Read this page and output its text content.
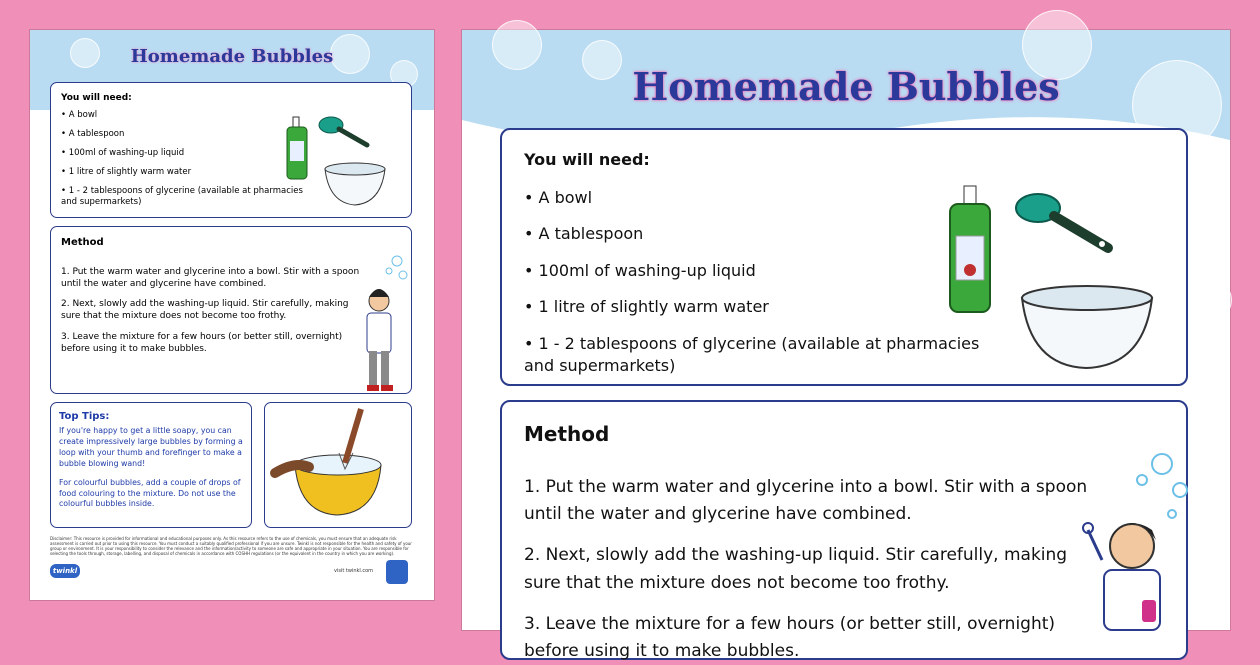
Homemade Bubbles
You will need:
• A bowl
• A tablespoon
• 100ml of washing-up liquid
• 1 litre of slightly warm water
• 1 - 2 tablespoons of glycerine (available at pharmacies and supermarkets)
Method

1. Put the warm water and glycerine into a bowl. Stir with a spoon until the water and glycerine have combined.

2. Next, slowly add the washing-up liquid. Stir carefully, making sure that the mixture does not become too frothy.

3. Leave the mixture for a few hours (or better still, overnight) before using it to make bubbles.

Top Tips:

If you're happy to get a little soapy, you can create impressively large bubbles by forming a loop with your thumb and forefinger to make a bubble blowing wand!

For colourful bubbles, add a couple of drops of food colouring to the mixture. Do not use the colourful bubbles inside.

Disclaimer: This resource is provided for informational and educational purposes only. As this resource refers to the use of chemicals, you must ensure that an adequate risk assessment is carried out prior to using this resource. You must conduct a suitably qualified professional if you are unsure. Twinkl is not responsible for the health and safety of your group or environment. It is your responsibility to consider the relevance and the information/activity to someone are safe and appropriate in your situation. You are responsible for selecting the tools through, storage, labelling, and disposal of chemicals in accordance with COSHH regulations (or the equivalent in the country in which you are working).
twinkl	visit twinkl.com
Homemade Bubbles
You will need:
• A bowl
• A tablespoon
• 100ml of washing-up liquid
• 1 litre of slightly warm water
• 1 - 2 tablespoons of glycerine (available at pharmacies and supermarkets)
Method

1. Put the warm water and glycerine into a bowl. Stir with a spoon until the water and glycerine have combined.

2. Next, slowly add the washing-up liquid. Stir carefully, making sure that the mixture does not become too frothy.

3. Leave the mixture for a few hours (or better still, overnight) before using it to make bubbles.
